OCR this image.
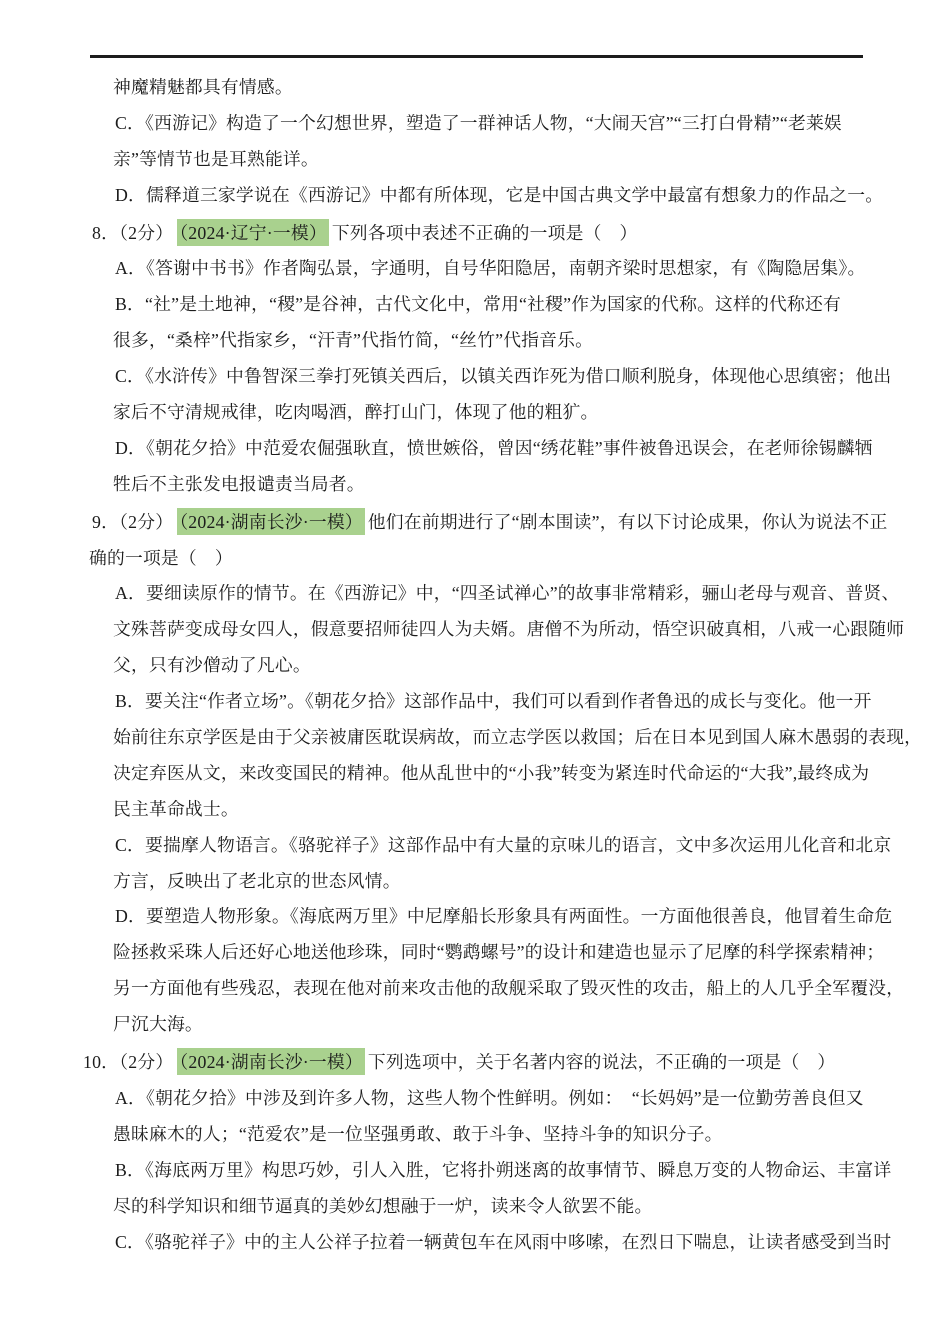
神魔精魅都具有情感。
C．《西游记》构造了一个幻想世界，塑造了一群神话人物，“大闹天宫”“三打白骨精”“老莱娱
亲”等情节也是耳熟能详。
D．儒释道三家学说在《西游记》中都有所体现，它是中国古典文学中最富有想象力的作品之一。
8．（2分） （2024·辽宁·一模） 下列各项中表述不正确的一项是（　）
A．《答谢中书书》作者陶弘景，字通明，自号华阳隐居，南朝齐梁时思想家，有《陶隐居集》。
B．“社”是土地神，“稷”是谷神，古代文化中，常用“社稷”作为国家的代称。这样的代称还有
很多，“桑梓”代指家乡，“汗青”代指竹简，“丝竹”代指音乐。
C．《水浒传》中鲁智深三拳打死镇关西后，以镇关西诈死为借口顺利脱身，体现他心思缜密；他出
家后不守清规戒律，吃肉喝酒，醉打山门，体现了他的粗犷。
D．《朝花夕拾》中范爱农倔强耿直，愤世嫉俗，曾因“绣花鞋”事件被鲁迅误会，在老师徐锡麟牺
牲后不主张发电报谴责当局者。
9．（2分） （2024·湖南长沙·一模） 他们在前期进行了“剧本围读”，有以下讨论成果，你认为说法不正
确的一项是（　）
A．要细读原作的情节。在《西游记》中，“四圣试禅心”的故事非常精彩，骊山老母与观音、普贤、
文殊菩萨变成母女四人，假意要招师徒四人为夫婿。唐僧不为所动，悟空识破真相，八戒一心跟随师
父，只有沙僧动了凡心。
B．要关注“作者立场”。《朝花夕拾》这部作品中，我们可以看到作者鲁迅的成长与变化。他一开
始前往东京学医是由于父亲被庸医耽误病故，而立志学医以救国；后在日本见到国人麻木愚弱的表现，
决定弃医从文，来改变国民的精神。他从乱世中的“小我”转变为紧连时代命运的“大我”,最终成为
民主革命战士。
C．要揣摩人物语言。《骆驼祥子》这部作品中有大量的京味儿的语言，文中多次运用儿化音和北京
方言，反映出了老北京的世态风情。
D．要塑造人物形象。《海底两万里》中尼摩船长形象具有两面性。一方面他很善良，他冒着生命危
险拯救采珠人后还好心地送他珍珠，同时“鹦鹉螺号”的设计和建造也显示了尼摩的科学探索精神；
另一方面他有些残忍，表现在他对前来攻击他的敌舰采取了毁灭性的攻击，船上的人几乎全军覆没，
尸沉大海。
10．（2分） （2024·湖南长沙·一模） 下列选项中，关于名著内容的说法，不正确的一项是（　）
A．《朝花夕拾》中涉及到许多人物，这些人物个性鲜明。例如：　“长妈妈”是一位勤劳善良但又
愚昧麻木的人；“范爱农”是一位坚强勇敢、敢于斗争、坚持斗争的知识分子。
B．《海底两万里》构思巧妙，引人入胜，它将扑朔迷离的故事情节、瞬息万变的人物命运、丰富详
尽的科学知识和细节逼真的美妙幻想融于一炉，读来令人欲罢不能。
C．《骆驼祥子》中的主人公祥子拉着一辆黄包车在风雨中哆嗦，在烈日下喘息，让读者感受到当时
